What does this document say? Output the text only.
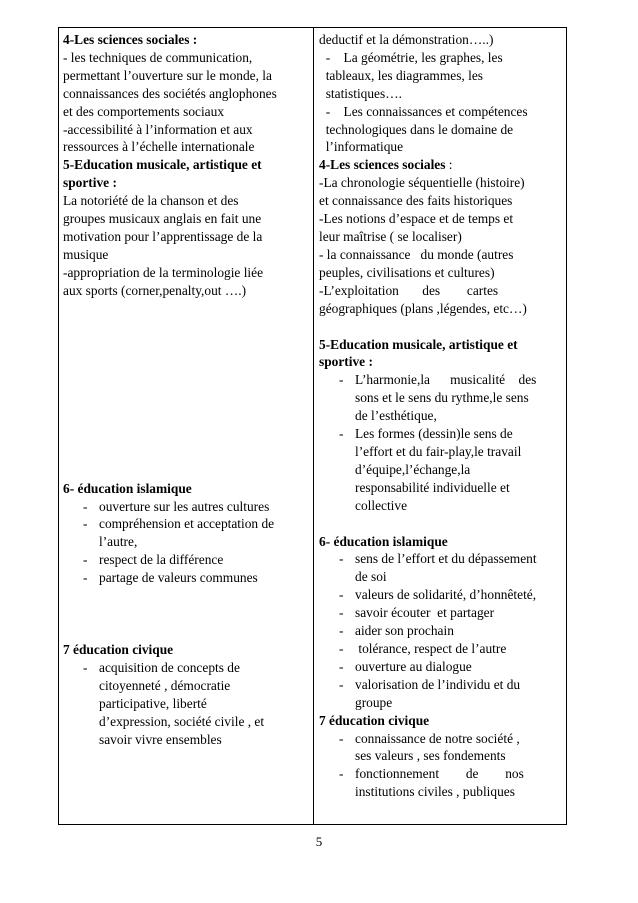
4-Les sciences sociales :
- les techniques de communication,
permettant l’ouverture sur le monde, la
connaissances des sociétés anglophones
et des comportements sociaux
-accessibilité à l’information et aux
ressources à l’échelle internationale
5-Education musicale, artistique et
sportive :
La notoriété de la chanson et des
groupes musicaux anglais en fait une
motivation pour l’apprentissage de la
musique
-appropriation de la terminologie liée
aux sports (corner,penalty,out ….)
6- éducation islamique
- ouverture sur les autres cultures
- compréhension et acceptation de
l’autre,
- respect de la différence
- partage de valeurs communes
7 éducation civique
- acquisition de concepts de
citoyenneté , démocratie
participative, liberté
d’expression, société civile , et
savoir vivre ensembles
deductif et la démonstration…..)
-    La géométrie, les graphes, les
tableaux, les diagrammes, les
statistiques….
-    Les connaissances et compétences
technologiques dans le domaine de
l’informatique
4-Les sciences sociales :
-La chronologie séquentielle (histoire)
et connaissance des faits historiques
-Les notions d’espace et de temps et
leur maîtrise ( se localiser)
- la connaissance   du monde (autres
peuples, civilisations et cultures)
-L’exploitation       des        cartes
géographiques (plans ,légendes, etc…)
5-Education musicale, artistique et
sportive :
- L’harmonie,la      musicalité    des
sons et le sens du rythme,le sens
de l’esthétique,
- Les formes (dessin)le sens de
l’effort et du fair-play,le travail
d’équipe,l’échange,la
responsabilité individuelle et
collective
6- éducation islamique
- sens de l’effort et du dépassement
de soi
- valeurs de solidarité, d’honnêteté,
- savoir écouter  et partager
- aider son prochain
- tolérance, respect de l’autre
- ouverture au dialogue
- valorisation de l’individu et du
groupe
7 éducation civique
- connaissance de notre société ,
ses valeurs , ses fondements
- fonctionnement        de        nos
institutions civiles , publiques
5
